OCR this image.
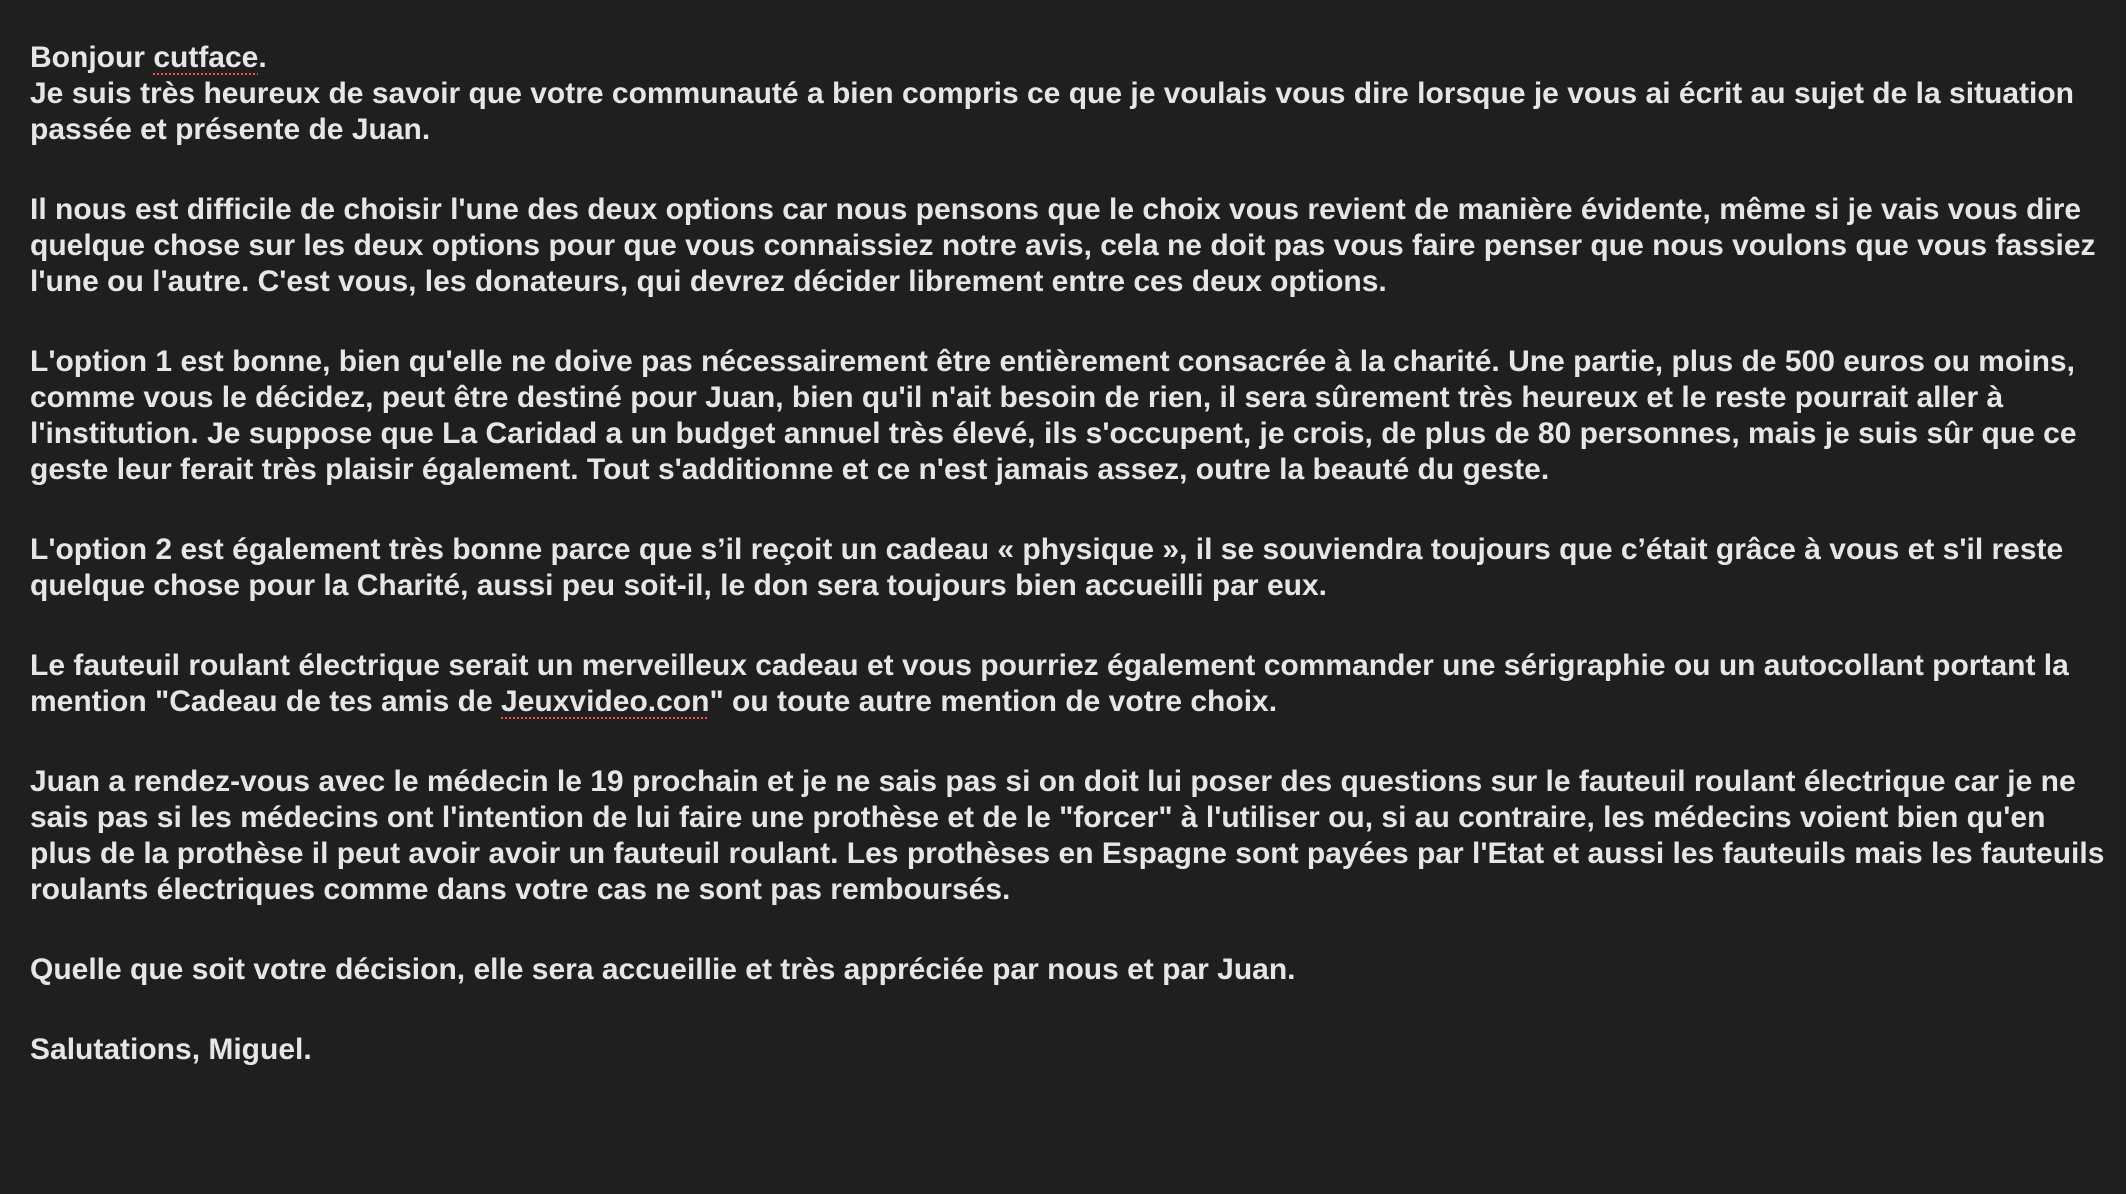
Bonjour cutface.

Je suis très heureux de savoir que votre communauté a bien compris ce que je voulais vous dire lorsque je vous ai écrit au sujet de la situation passée et présente de Juan.

Il nous est difficile de choisir l'une des deux options car nous pensons que le choix vous revient de manière évidente, même si je vais vous dire quelque chose sur les deux options pour que vous connaissiez notre avis, cela ne doit pas vous faire penser que nous voulons que vous fassiez l'une ou l'autre. C'est vous, les donateurs, qui devrez décider librement entre ces deux options.

L'option 1 est bonne, bien qu'elle ne doive pas nécessairement être entièrement consacrée à la charité. Une partie, plus de 500 euros ou moins, comme vous le décidez, peut être destiné pour Juan, bien qu'il n'ait besoin de rien, il sera sûrement très heureux et le reste pourrait aller à l'institution. Je suppose que La Caridad a un budget annuel très élevé, ils s'occupent, je crois, de plus de 80 personnes, mais je suis sûr que ce geste leur ferait très plaisir également. Tout s'additionne et ce n'est jamais assez, outre la beauté du geste.

L'option 2 est également très bonne parce que s’il reçoit un cadeau « physique », il se souviendra toujours que c’était grâce à vous et s'il reste quelque chose pour la Charité, aussi peu soit-il, le don sera toujours bien accueilli par eux.

Le fauteuil roulant électrique serait un merveilleux cadeau et vous pourriez également commander une sérigraphie ou un autocollant portant la mention "Cadeau de tes amis de Jeuxvideo.con" ou toute autre mention de votre choix.

Juan a rendez-vous avec le médecin le 19 prochain et je ne sais pas si on doit lui poser des questions sur le fauteuil roulant électrique car je ne sais pas si les médecins ont l'intention de lui faire une prothèse et de le "forcer" à l'utiliser ou, si au contraire, les médecins voient bien qu'en plus de la prothèse il peut avoir avoir un fauteuil roulant. Les prothèses en Espagne sont payées par l'Etat et aussi les fauteuils mais les fauteuils roulants électriques comme dans votre cas ne sont pas remboursés.

Quelle que soit votre décision, elle sera accueillie et très appréciée par nous et par Juan.

Salutations, Miguel.
